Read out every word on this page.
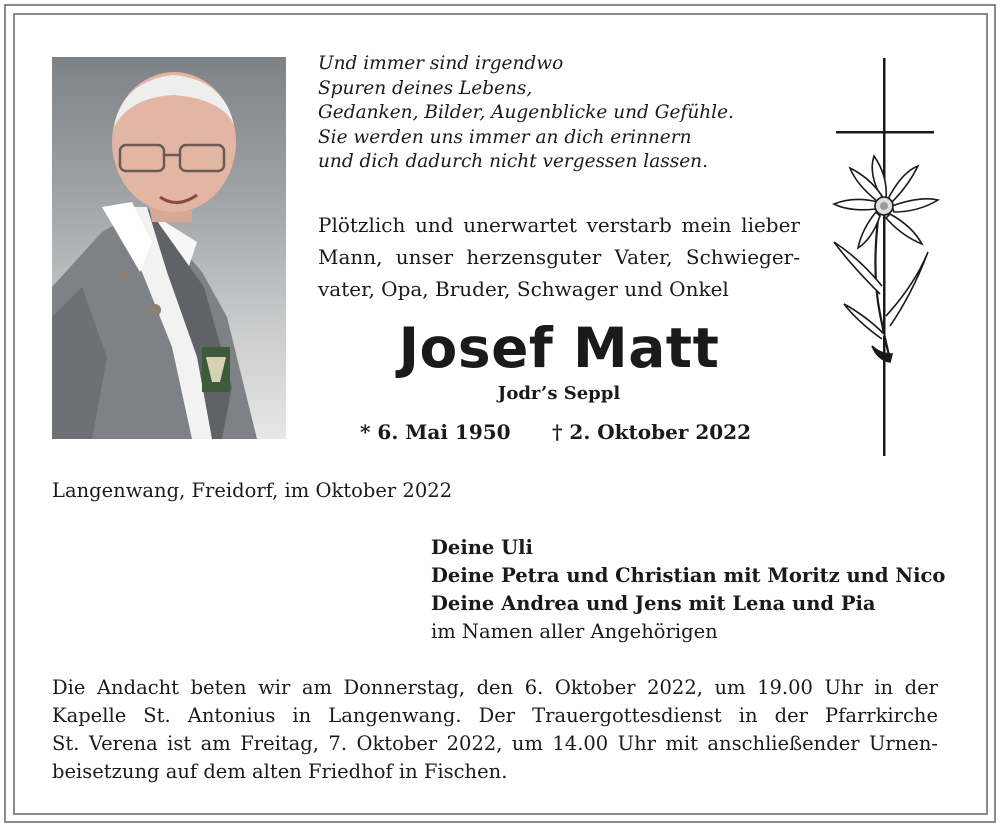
Und immer sind irgendwo
Spuren deines Lebens,
Gedanken, Bilder, Augenblicke und Gefühle.
Sie werden uns immer an dich erinnern
und dich dadurch nicht vergessen lassen.
Plötzlich und unerwartet verstarb mein lieber
Mann, unser herzensguter Vater, Schwieger-
vater, Opa, Bruder, Schwager und Onkel
Josef Matt
Jodr’s Seppl
* 6. Mai 1950 † 2. Oktober 2022
Langenwang, Freidorf, im Oktober 2022
Deine Uli
Deine Petra und Christian mit Moritz und Nico
Deine Andrea und Jens mit Lena und Pia
im Namen aller Angehörigen
Die Andacht beten wir am Donnerstag, den 6. Oktober 2022, um 19.00 Uhr in der
Kapelle St. Antonius in Langenwang. Der Trauergottesdienst in der Pfarrkirche
St. Verena ist am Freitag, 7. Oktober 2022, um 14.00 Uhr mit anschließender Urnen-
beisetzung auf dem alten Friedhof in Fischen.
